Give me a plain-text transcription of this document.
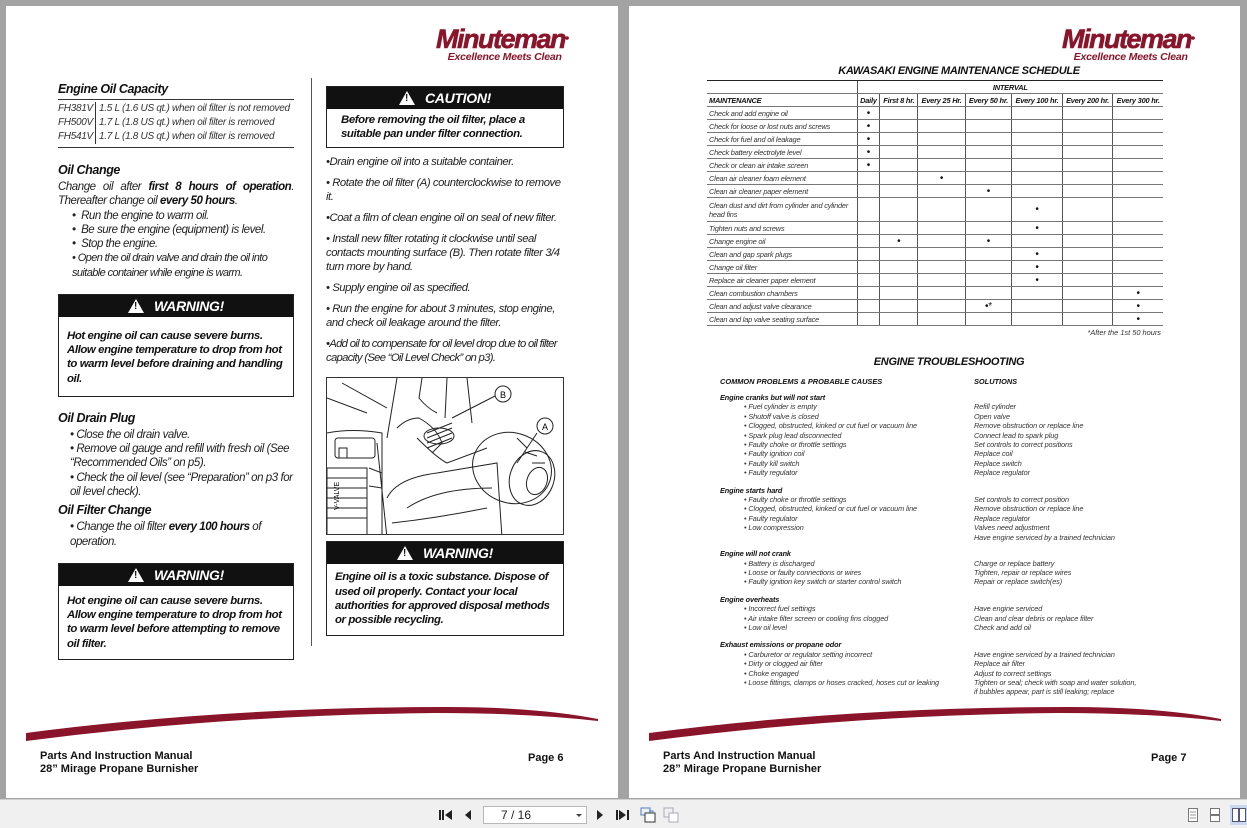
Minuteman●
Excellence Meets Clean
Engine Oil Capacity
FH381V 1.5 L (1.6 US qt.) when oil filter is not removed
FH500V 1.7 L (1.8 US qt.) when oil filter is removed
FH541V 1.7 L (1.8 US qt.) when oil filter is removed
Oil Change
Change oil after first 8 hours of operation. Thereafter change oil every 50 hours.
•  Run the engine to warm oil.
•  Be sure the engine (equipment) is level.
•  Stop the engine.
• Open the oil drain valve and drain the oil into suitable container while engine is warm.
!
WARNING!
Hot engine oil can cause severe burns. Allow engine temperature to drop from hot to warm level before draining and handling oil.
Oil Drain Plug
• Close the oil drain valve.
• Remove oil gauge and refill with fresh oil (See “Recommended Oils” on p5).
• Check the oil level (see “Preparation” on p3 for oil level check).
Oil Filter Change
• Change the oil filter every 100 hours of operation.
!
WARNING!
Hot engine oil can cause severe burns. Allow engine temperature to drop from hot to warm level before attempting to remove oil filter.
!
CAUTION!
Before removing the oil filter, place a suitable pan under filter connection.
•Drain engine oil into a suitable container.
• Rotate the oil filter (A) counterclockwise to remove it.
•Coat a film of clean engine oil on seal of new filter.
• Install new filter rotating it clockwise until seal contacts mounting surface (B). Then rotate filter 3/4 turn more by hand.
• Supply engine oil as specified.
• Run the engine for about 3 minutes, stop engine, and check oil leakage around the filter.
•Add oil to compensate for oil level drop due to oil filter capacity (See “Oil Level Check” on p3).
B
A
V-VALVE
!
WARNING!
Engine oil is a toxic substance. Dispose of used oil properly. Contact your local authorities for approved disposal methods or possible recycling.
Parts And Instruction Manual
28” Mirage Propane Burnisher
Page 6
Minuteman●
Excellence Meets Clean
KAWASAKI ENGINE MAINTENANCE SCHEDULE
	INTERVAL						
MAINTENANCE	Daily	First 8 hr.	Every 25 Hr.	Every 50 hr.	Every 100 hr.	Every 200 hr.	Every 300 hr.
Check and add engine oil	•						
Check for loose or lost nuts and screws	•						
Check for fuel and oil leakage	•						
Check battery electrolyte level	•						
Check or clean air intake screen	•						
Clean air cleaner foam element			•				
Clean air cleaner paper element				•			
Clean dust and dirt from cylinder and cylinder head fins					•		
Tighten nuts and screws					•		
Change engine oil		•		•			
Clean and gap spark plugs					•		
Change oil filter					•		
Replace air cleaner paper element					•		
Clean combustion chambers							•
Clean and adjust valve clearance				•*			•
Clean and lap valve seating surface							•
*After the 1st 50 hours
ENGINE TROUBLESHOOTING
COMMON PROBLEMS & PROBABLE CAUSES	SOLUTIONS
Engine cranks but will not start
• Fuel cylinder is empty	Refill cylinder
• Shutoff valve is closed	Open valve
• Clogged, obstructed, kinked or cut fuel or vacuum line	Remove obstruction or replace line
• Spark plug lead disconnected	Connect lead to spark plug
• Faulty choke or throttle settings	Set controls to correct positions
• Faulty ignition coil	Replace coil
• Faulty kill switch	Replace switch
• Faulty regulator	Replace regulator
Engine starts hard
• Faulty choke or throttle settings	Set controls to correct position
• Clogged, obstructed, kinked or cut fuel or vacuum line	Remove obstruction or replace line
• Faulty regulator	Replace regulator
• Low compression	Valves need adjustment
Have engine serviced by a trained technician
Engine will not crank
• Battery is discharged	Charge or replace battery
• Loose or faulty connections or wires	Tighten, repair or replace wires
• Faulty ignition key switch or starter control switch	Repair or replace switch(es)
Engine overheats
• Incorrect fuel settings	Have engine serviced
• Air intake filter screen or cooling fins clogged	Clean and clear debris or replace filter
• Low oil level	Check and add oil
Exhaust emissions or propane odor
• Carburetor or regulator setting incorrect	Have engine serviced by a trained technician
• Dirty or clogged air filter	Replace air filter
• Choke engaged	Adjust to correct settings
• Loose fittings, clamps or hoses cracked, hoses cut or leaking	Tighten or seal; check with soap and water solution,
if bubbles appear, part is still leaking; replace
Parts And Instruction Manual
28” Mirage Propane Burnisher
Page 7
7 / 16
